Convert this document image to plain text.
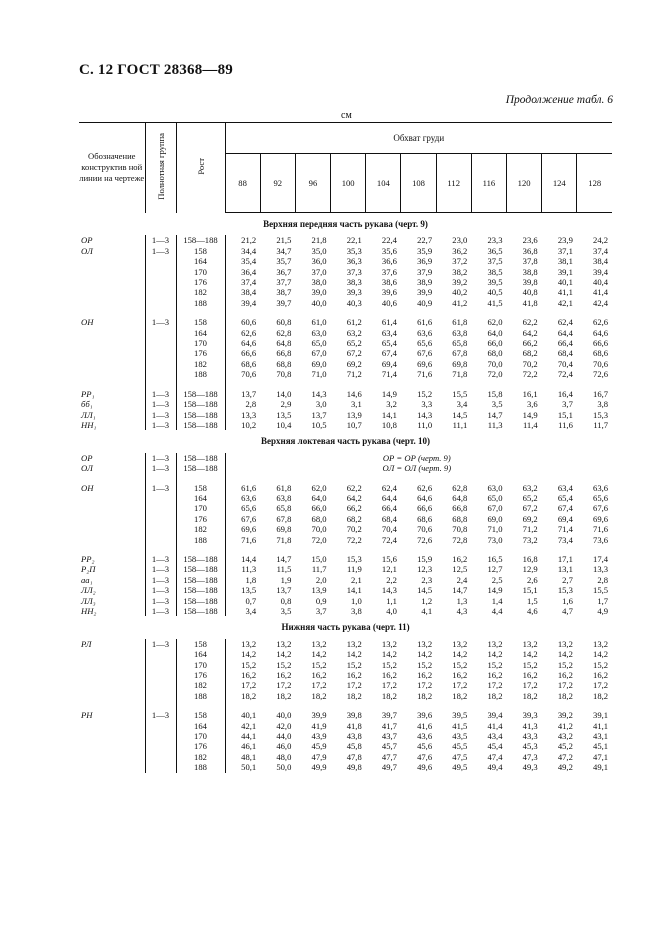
С. 12 ГОСТ 28368—89
Продолжение табл. 6
см
Обозначение конструктив ной линии на чертеже	Полнотная группа	Рост	Обхват груди										
			88	92	96	100	104	108	112	116	120	124	128
Верхняя передняя часть рукава (черт. 9)													
ОР	1—3	158—188	21,2	21,5	21,8	22,1	22,4	22,7	23,0	23,3	23,6	23,9	24,2
ОЛ	1—3	158	34,4	34,7	35,0	35,3	35,6	35,9	36,2	36,5	36,8	37,1	37,4
		164	35,4	35,7	36,0	36,3	36,6	36,9	37,2	37,5	37,8	38,1	38,4
		170	36,4	36,7	37,0	37,3	37,6	37,9	38,2	38,5	38,8	39,1	39,4
		176	37,4	37,7	38,0	38,3	38,6	38,9	39,2	39,5	39,8	40,1	40,4
		182	38,4	38,7	39,0	39,3	39,6	39,9	40,2	40,5	40,8	41,1	41,4
		188	39,4	39,7	40,0	40,3	40,6	40,9	41,2	41,5	41,8	42,1	42,4

ОН	1—3	158	60,6	60,8	61,0	61,2	61,4	61,6	61,8	62,0	62,2	62,4	62,6
		164	62,6	62,8	63,0	63,2	63,4	63,6	63,8	64,0	64,2	64,4	64,6
		170	64,6	64,8	65,0	65,2	65,4	65,6	65,8	66,0	66,2	66,4	66,6
		176	66,6	66,8	67,0	67,2	67,4	67,6	67,8	68,0	68,2	68,4	68,6
		182	68,6	68,8	69,0	69,2	69,4	69,6	69,8	70,0	70,2	70,4	70,6
		188	70,6	70,8	71,0	71,2	71,4	71,6	71,8	72,0	72,2	72,4	72,6

РР₁	1—3	158—188	13,7	14,0	14,3	14,6	14,9	15,2	15,5	15,8	16,1	16,4	16,7
бб₁	1—3	158—188	2,8	2,9	3,0	3,1	3,2	3,3	3,4	3,5	3,6	3,7	3,8
ЛЛ₁	1—3	158—188	13,3	13,5	13,7	13,9	14,1	14,3	14,5	14,7	14,9	15,1	15,3
НН₁	1—3	158—188	10,2	10,4	10,5	10,7	10,8	11,0	11,1	11,3	11,4	11,6	11,7
Верхняя локтевая часть рукава (черт. 10)													
ОР	1—3	158—188	ОР = ОР (черт. 9)										
ОЛ	1—3	158—188	ОЛ = ОЛ (черт. 9)										

ОН	1—3	158	61,6	61,8	62,0	62,2	62,4	62,6	62,8	63,0	63,2	63,4	63,6
		164	63,6	63,8	64,0	64,2	64,4	64,6	64,8	65,0	65,2	65,4	65,6
		170	65,6	65,8	66,0	66,2	66,4	66,6	66,8	67,0	67,2	67,4	67,6
		176	67,6	67,8	68,0	68,2	68,4	68,6	68,8	69,0	69,2	69,4	69,6
		182	69,6	69,8	70,0	70,2	70,4	70,6	70,8	71,0	71,2	71,4	71,6
		188	71,6	71,8	72,0	72,2	72,4	72,6	72,8	73,0	73,2	73,4	73,6

РР₂	1—3	158—188	14,4	14,7	15,0	15,3	15,6	15,9	16,2	16,5	16,8	17,1	17,4
Р₂П	1—3	158—188	11,3	11,5	11,7	11,9	12,1	12,3	12,5	12,7	12,9	13,1	13,3
аа₁	1—3	158—188	1,8	1,9	2,0	2,1	2,2	2,3	2,4	2,5	2,6	2,7	2,8
ЛЛ₂	1—3	158—188	13,5	13,7	13,9	14,1	14,3	14,5	14,7	14,9	15,1	15,3	15,5
ЛЛ₃	1—3	158—188	0,7	0,8	0,9	1,0	1,1	1,2	1,3	1,4	1,5	1,6	1,7
НН₂	1—3	158—188	3,4	3,5	3,7	3,8	4,0	4,1	4,3	4,4	4,6	4,7	4,9
Нижняя часть рукава (черт. 11)													
РЛ	1—3	158	13,2	13,2	13,2	13,2	13,2	13,2	13,2	13,2	13,2	13,2	13,2
		164	14,2	14,2	14,2	14,2	14,2	14,2	14,2	14,2	14,2	14,2	14,2
		170	15,2	15,2	15,2	15,2	15,2	15,2	15,2	15,2	15,2	15,2	15,2
		176	16,2	16,2	16,2	16,2	16,2	16,2	16,2	16,2	16,2	16,2	16,2
		182	17,2	17,2	17,2	17,2	17,2	17,2	17,2	17,2	17,2	17,2	17,2
		188	18,2	18,2	18,2	18,2	18,2	18,2	18,2	18,2	18,2	18,2	18,2

РН	1—3	158	40,1	40,0	39,9	39,8	39,7	39,6	39,5	39,4	39,3	39,2	39,1
		164	42,1	42,0	41,9	41,8	41,7	41,6	41,5	41,4	41,3	41,2	41,1
		170	44,1	44,0	43,9	43,8	43,7	43,6	43,5	43,4	43,3	43,2	43,1
		176	46,1	46,0	45,9	45,8	45,7	45,6	45,5	45,4	45,3	45,2	45,1
		182	48,1	48,0	47,9	47,8	47,7	47,6	47,5	47,4	47,3	47,2	47,1
		188	50,1	50,0	49,9	49,8	49,7	49,6	49,5	49,4	49,3	49,2	49,1
